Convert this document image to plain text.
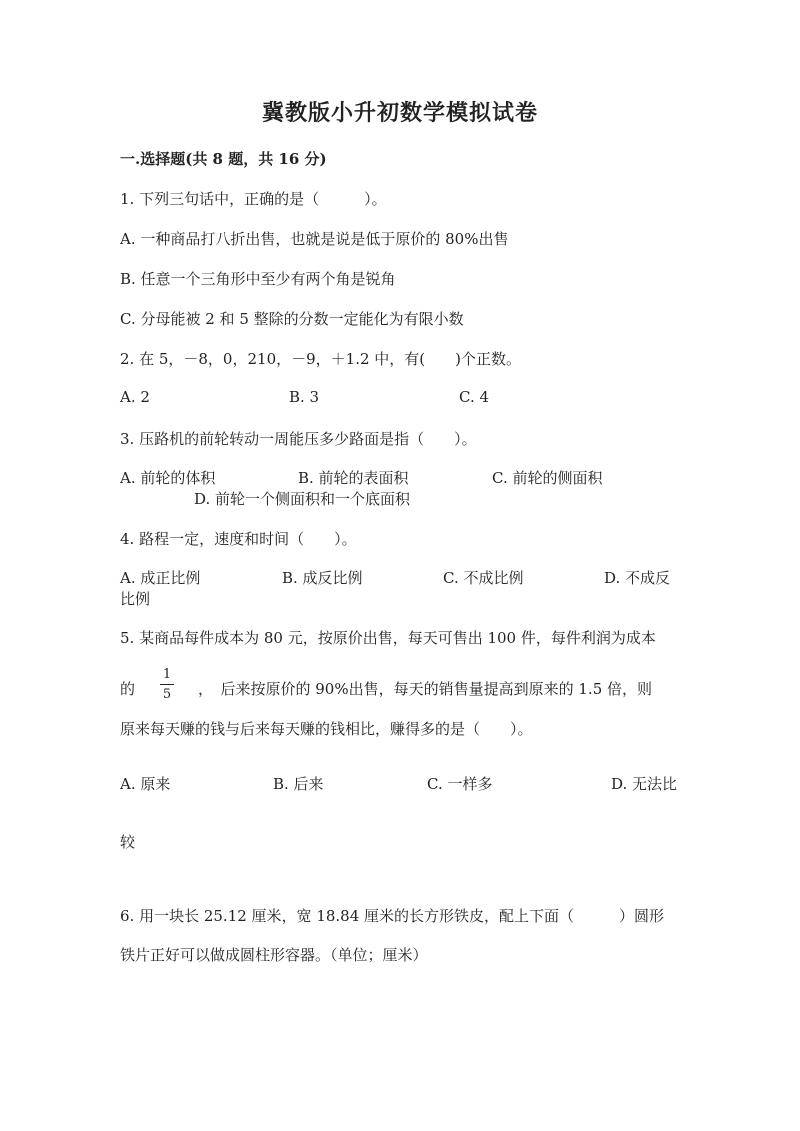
冀教版小升初数学模拟试卷
一.选择题(共 8 题，共 16 分)
1. 下列三句话中，正确的是（　　　）。
A. 一种商品打八折出售，也就是说是低于原价的 80%出售
B. 任意一个三角形中至少有两个角是锐角
C. 分母能被 2 和 5 整除的分数一定能化为有限小数
2. 在 5，－8，0，210，－9，＋1.2 中，有(　　)个正数。
A. 2	B. 3	C. 4
3. 压路机的前轮转动一周能压多少路面是指（　　）。
A. 前轮的体积	B. 前轮的表面积	C. 前轮的侧面积
D. 前轮一个侧面积和一个底面积
4. 路程一定，速度和时间（　　）。
A. 成正比例	B. 成反比例	C. 不成比例	D. 不成反
比例
5. 某商品每件成本为 80 元，按原价出售，每天可售出 100 件，每件利润为成本
的
1
5 ，　后来按原价的 90%出售，每天的销售量提高到原来的 1.5 倍，则
原来每天赚的钱与后来每天赚的钱相比，赚得多的是（　　）。
A. 原来	B. 后来	C. 一样多	D. 无法比
较
6. 用一块长 25.12 厘米，宽 18.84 厘米的长方形铁皮，配上下面（　　　）圆形
铁片正好可以做成圆柱形容器。（单位；厘米）
